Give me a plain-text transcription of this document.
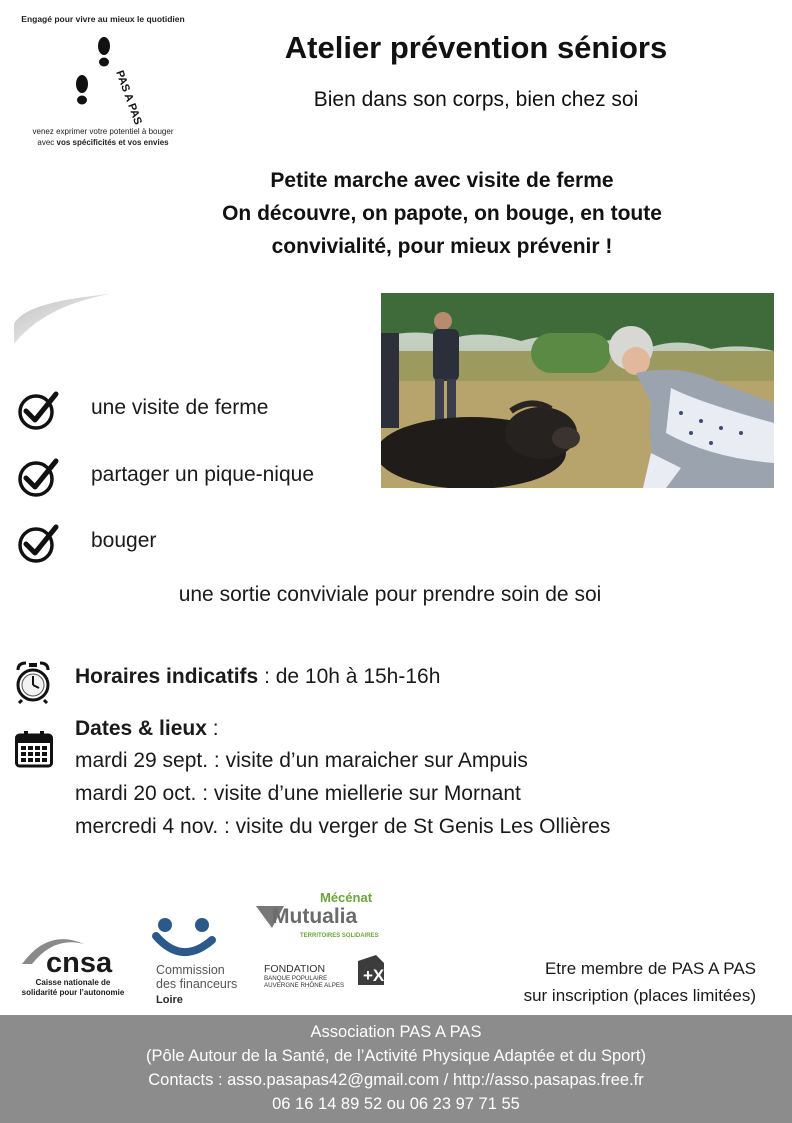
Engagé pour vivre au mieux le quotidien
PAS A PAS
venez exprimer votre potentiel à bouger
avec vos spécificités et vos envies
Atelier prévention séniors
Bien dans son corps, bien chez soi
Petite marche avec visite de ferme
On découvre, on papote, on bouge, en toute
convivialité, pour mieux prévenir !
une visite de ferme
partager un pique-nique
bouger
une sortie conviviale pour prendre soin de soi
Horaires indicatifs : de 10h à 15h-16h
Dates & lieux :
mardi 29 sept. : visite d’un maraicher sur Ampuis
mardi 20 oct. : visite d’une miellerie sur Mornant
mercredi 4 nov. : visite du verger de St Genis Les Ollières
cnsa
Caisse nationale de
solidarité pour l’autonomie
Commission
des financeurs
Loire
Mécénat
Mutualia
TERRITOIRES SOLIDAIRES
FONDATION
BANQUE POPULAIRE
AUVERGNE RHÔNE ALPES
+X	Etre membre de PAS A PAS
sur inscription (places limitées)
Association PAS A PAS
(Pôle Autour de la Santé, de l’Activité Physique Adaptée et du Sport)
Contacts : asso.pasapas42@gmail.com / http://asso.pasapas.free.fr
06 16 14 89 52 ou 06 23 97 71 55
